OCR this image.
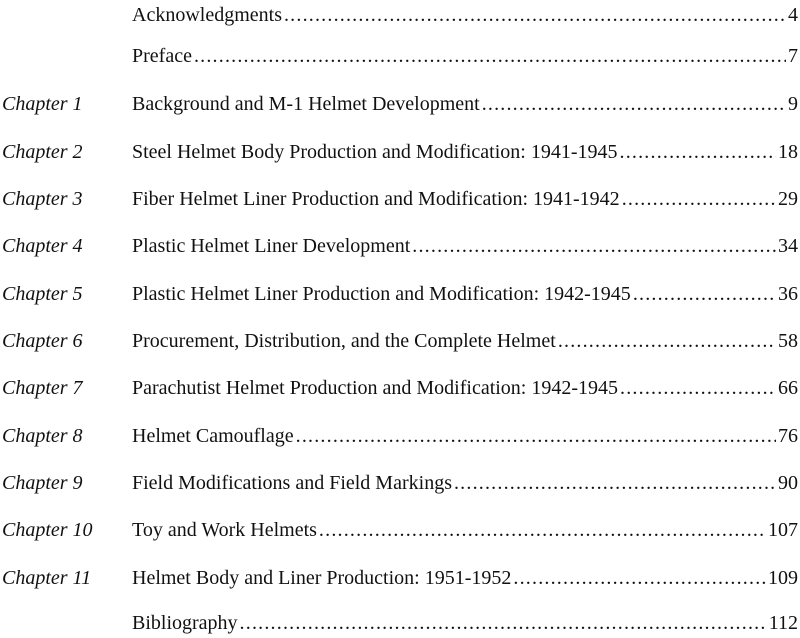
Acknowledgments .....	4
Preface .....	7
Chapter 1 Background and M-1 Helmet Development .....	9
Chapter 2 Steel Helmet Body Production and Modification: 1941-1945 .....	18
Chapter 3 Fiber Helmet Liner Production and Modification: 1941-1942 .....	29
Chapter 4 Plastic Helmet Liner Development .....	34
Chapter 5 Plastic Helmet Liner Production and Modification: 1942-1945 .....	36
Chapter 6 Procurement, Distribution, and the Complete Helmet .....	58
Chapter 7 Parachutist Helmet Production and Modification: 1942-1945 .....	66
Chapter 8 Helmet Camouflage .....	76
Chapter 9 Field Modifications and Field Markings .....	90
Chapter 10 Toy and Work Helmets .....	107
Chapter 11 Helmet Body and Liner Production: 1951-1952 .....	109
Bibliography .....	112
